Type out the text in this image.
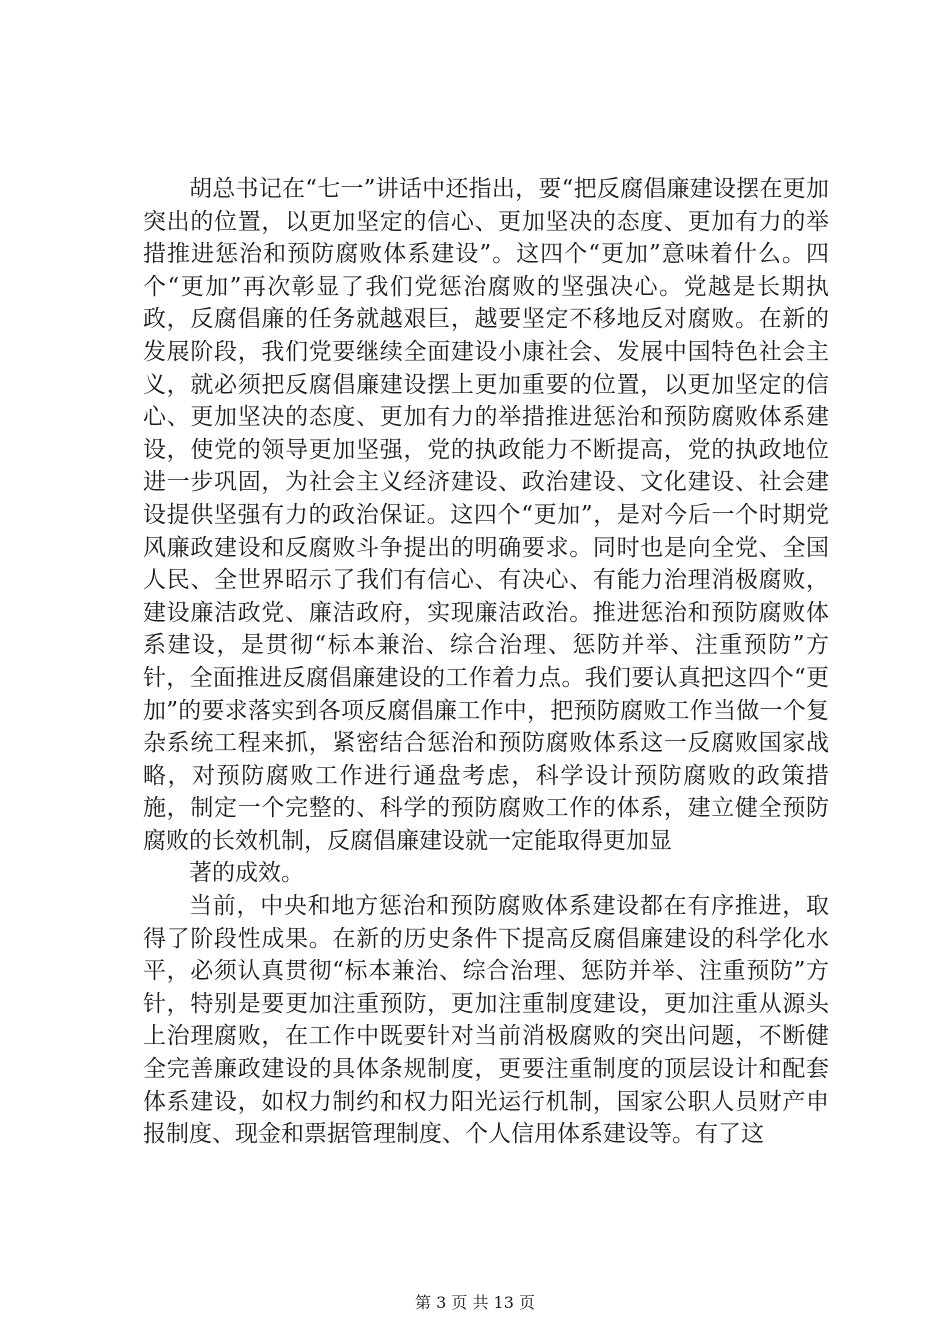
胡总书记在“七一”讲话中还指出，要“把反腐倡廉建设摆在更加突出的位置，以更加坚定的信心、更加坚决的态度、更加有力的举措推进惩治和预防腐败体系建设”。这四个“更加”意味着什么。四个“更加”再次彰显了我们党惩治腐败的坚强决心。党越是长期执政，反腐倡廉的任务就越艰巨，越要坚定不移地反对腐败。在新的发展阶段，我们党要继续全面建设小康社会、发展中国特色社会主义，就必须把反腐倡廉建设摆上更加重要的位置，以更加坚定的信心、更加坚决的态度、更加有力的举措推进惩治和预防腐败体系建设，使党的领导更加坚强，党的执政能力不断提高，党的执政地位进一步巩固，为社会主义经济建设、政治建设、文化建设、社会建设提供坚强有力的政治保证。这四个“更加”，是对今后一个时期党风廉政建设和反腐败斗争提出的明确要求。同时也是向全党、全国人民、全世界昭示了我们有信心、有决心、有能力治理消极腐败，建设廉洁政党、廉洁政府，实现廉洁政治。推进惩治和预防腐败体系建设，是贯彻“标本兼治、综合治理、惩防并举、注重预防”方针，全面推进反腐倡廉建设的工作着力点。我们要认真把这四个“更加”的要求落实到各项反腐倡廉工作中，把预防腐败工作当做一个复杂系统工程来抓，紧密结合惩治和预防腐败体系这一反腐败国家战略，对预防腐败工作进行通盘考虑，科学设计预防腐败的政策措施，制定一个完整的、科学的预防腐败工作的体系，建立健全预防腐败的长效机制，反腐倡廉建设就一定能取得更加显

著的成效。

当前，中央和地方惩治和预防腐败体系建设都在有序推进，取得了阶段性成果。在新的历史条件下提高反腐倡廉建设的科学化水平，必须认真贯彻“标本兼治、综合治理、惩防并举、注重预防”方针，特别是要更加注重预防，更加注重制度建设，更加注重从源头上治理腐败，在工作中既要针对当前消极腐败的突出问题，不断健全完善廉政建设的具体条规制度，更要注重制度的顶层设计和配套体系建设，如权力制约和权力阳光运行机制，国家公职人员财产申报制度、现金和票据管理制度、个人信用体系建设等。有了这

第 3 页 共 13 页
